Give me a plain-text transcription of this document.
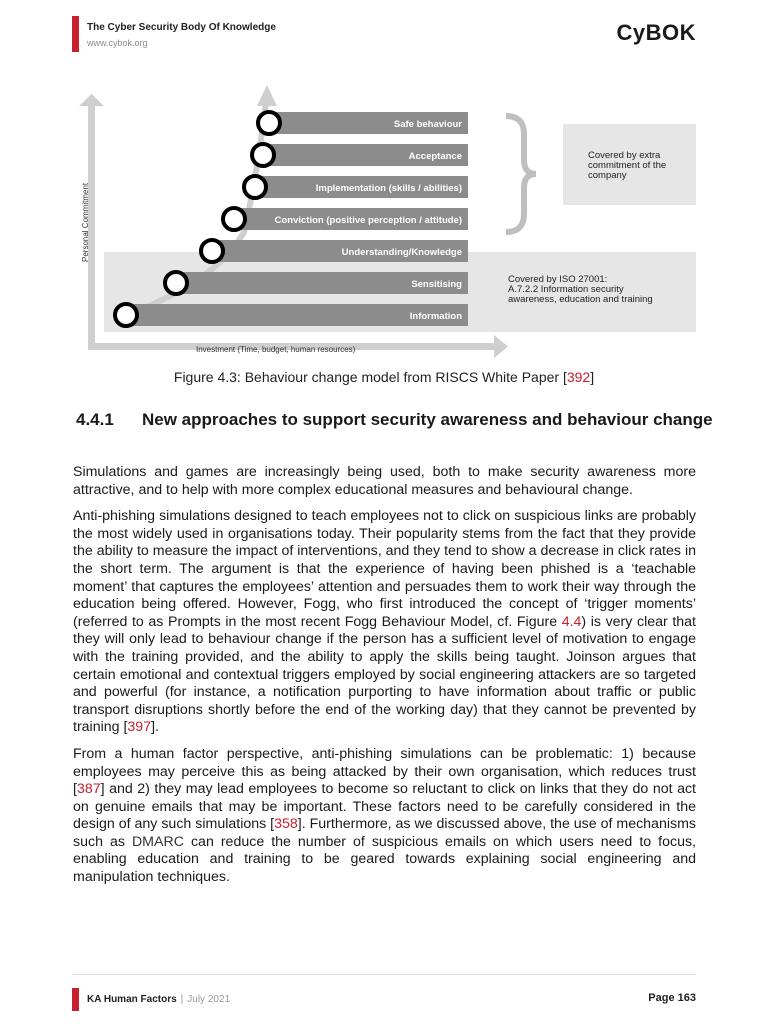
The Cyber Security Body Of Knowledge
www.cybok.org	CyBOK
Safe behaviour
Acceptance
Implementation (skills / abilities)
Conviction (positive perception / attitude)
Understanding/Knowledge
Sensitising
Information
Covered by extra commitment of the company
Covered by ISO 27001: A.7.2.2 Information security awareness, education and training
Personal Commitment
Investment (Time, budget, human resources)
Figure 4.3: Behaviour change model from RISCS White Paper [392]
4.4.1 New approaches to support security awareness and behaviour change

Simulations and games are increasingly being used, both to make security awareness more attractive, and to help with more complex educational measures and behavioural change.

Anti-phishing simulations designed to teach employees not to click on suspicious links are probably the most widely used in organisations today. Their popularity stems from the fact that they provide the ability to measure the impact of interventions, and they tend to show a decrease in click rates in the short term. The argument is that the experience of having been phished is a ‘teachable moment’ that captures the employees’ attention and persuades them to work their way through the education being offered. However, Fogg, who first introduced the concept of ‘trigger moments’ (referred to as Prompts in the most recent Fogg Behaviour Model, cf. Figure 4.4) is very clear that they will only lead to behaviour change if the person has a sufficient level of motivation to engage with the training provided, and the ability to apply the skills being taught. Joinson argues that certain emotional and contextual triggers employed by social engineering attackers are so targeted and powerful (for instance, a notification purporting to have information about traffic or public transport disruptions shortly before the end of the working day) that they cannot be prevented by training [397].

From a human factor perspective, anti-phishing simulations can be problematic: 1) because employees may perceive this as being attacked by their own organisation, which reduces trust [387] and 2) they may lead employees to become so reluctant to click on links that they do not act on genuine emails that may be important. These factors need to be carefully considered in the design of any such simulations [358]. Furthermore, as we discussed above, the use of mechanisms such as DMARC can reduce the number of suspicious emails on which users need to focus, enabling education and training to be geared towards explaining social engineering and manipulation techniques.

KA Human Factors | July 2021	Page 163
